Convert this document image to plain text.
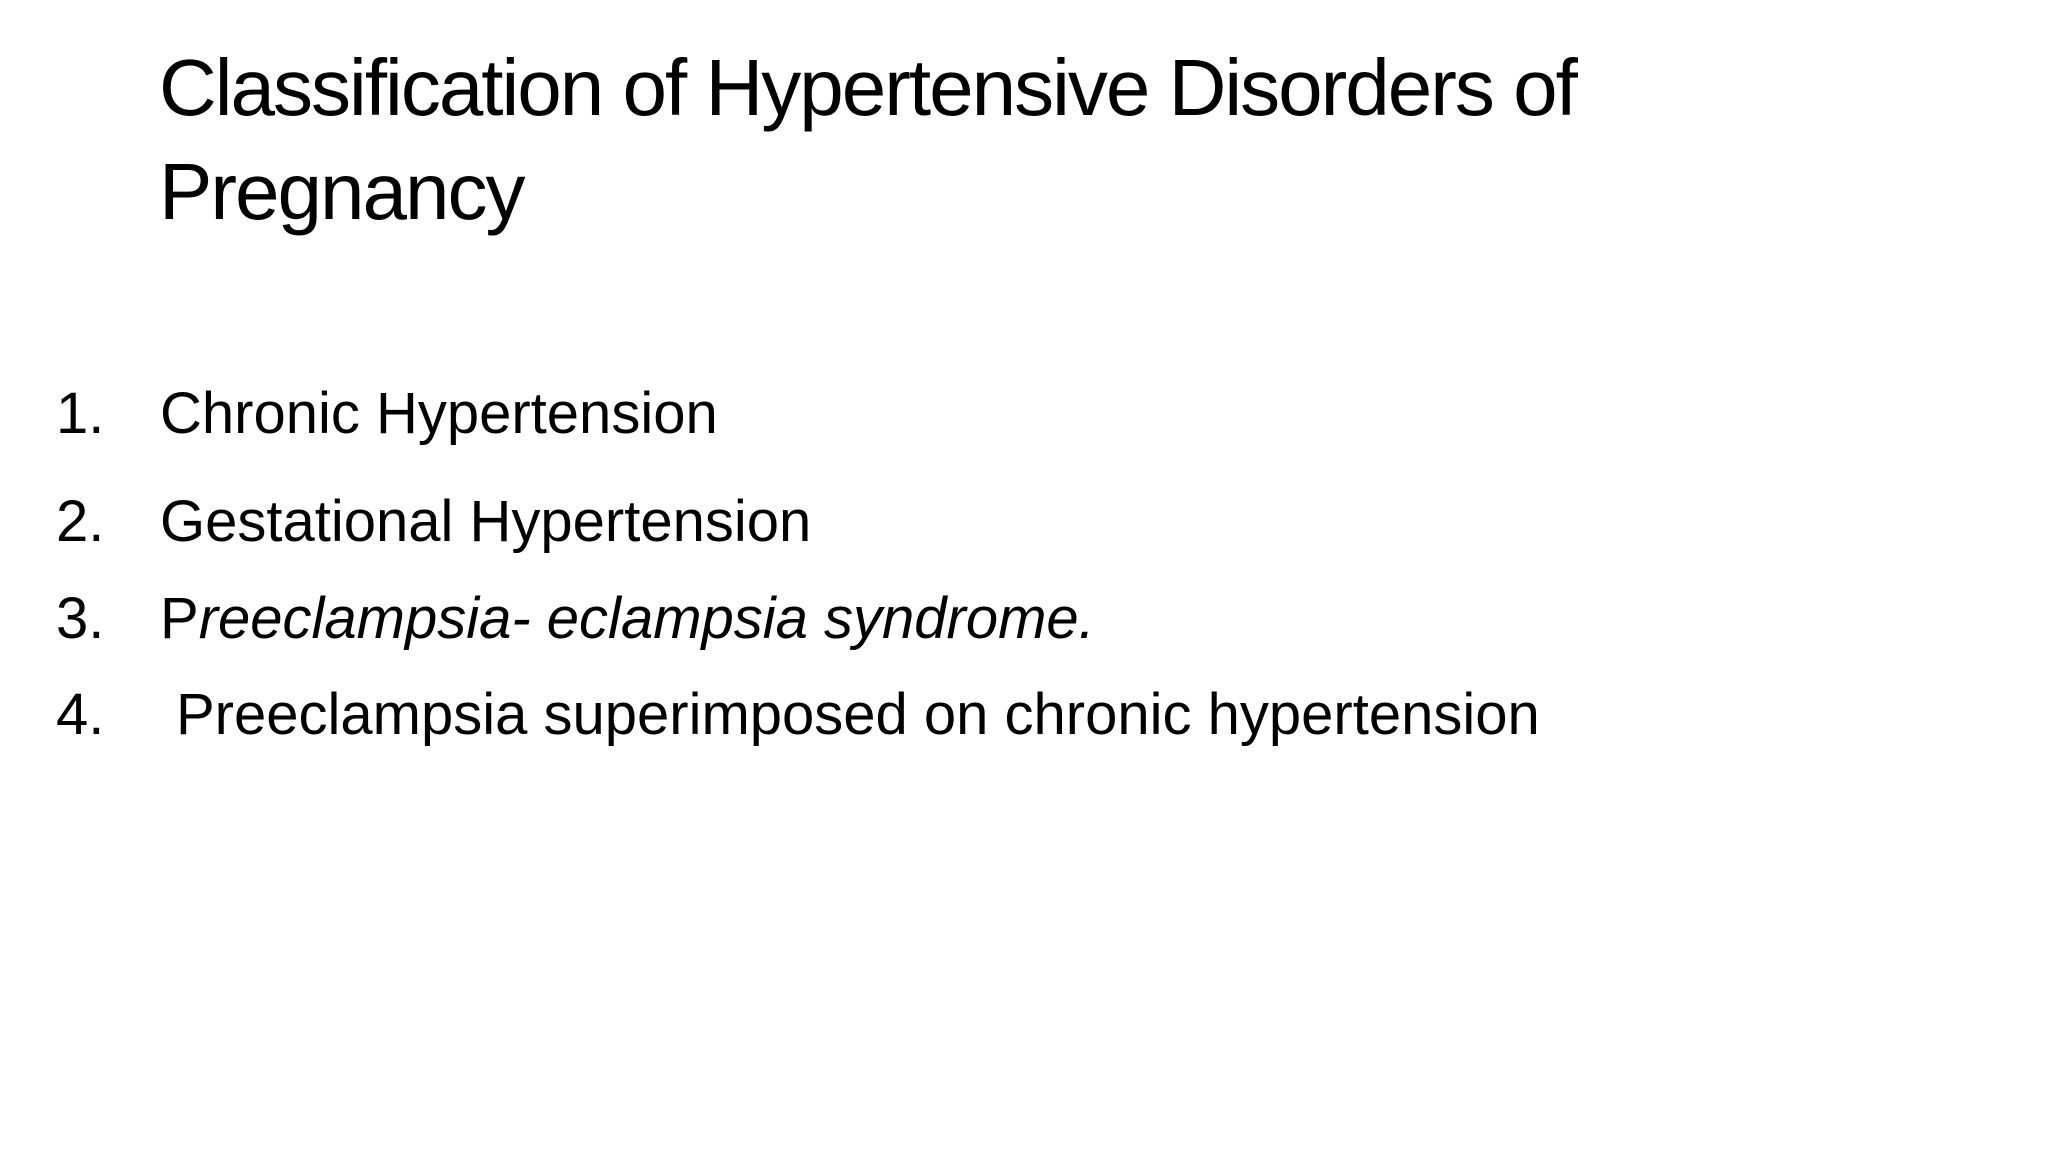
Classification of Hypertensive Disorders of Pregnancy
1. Chronic Hypertension
2. Gestational Hypertension
3. Preeclampsia- eclampsia syndrome.
4. Preeclampsia superimposed on chronic hypertension
